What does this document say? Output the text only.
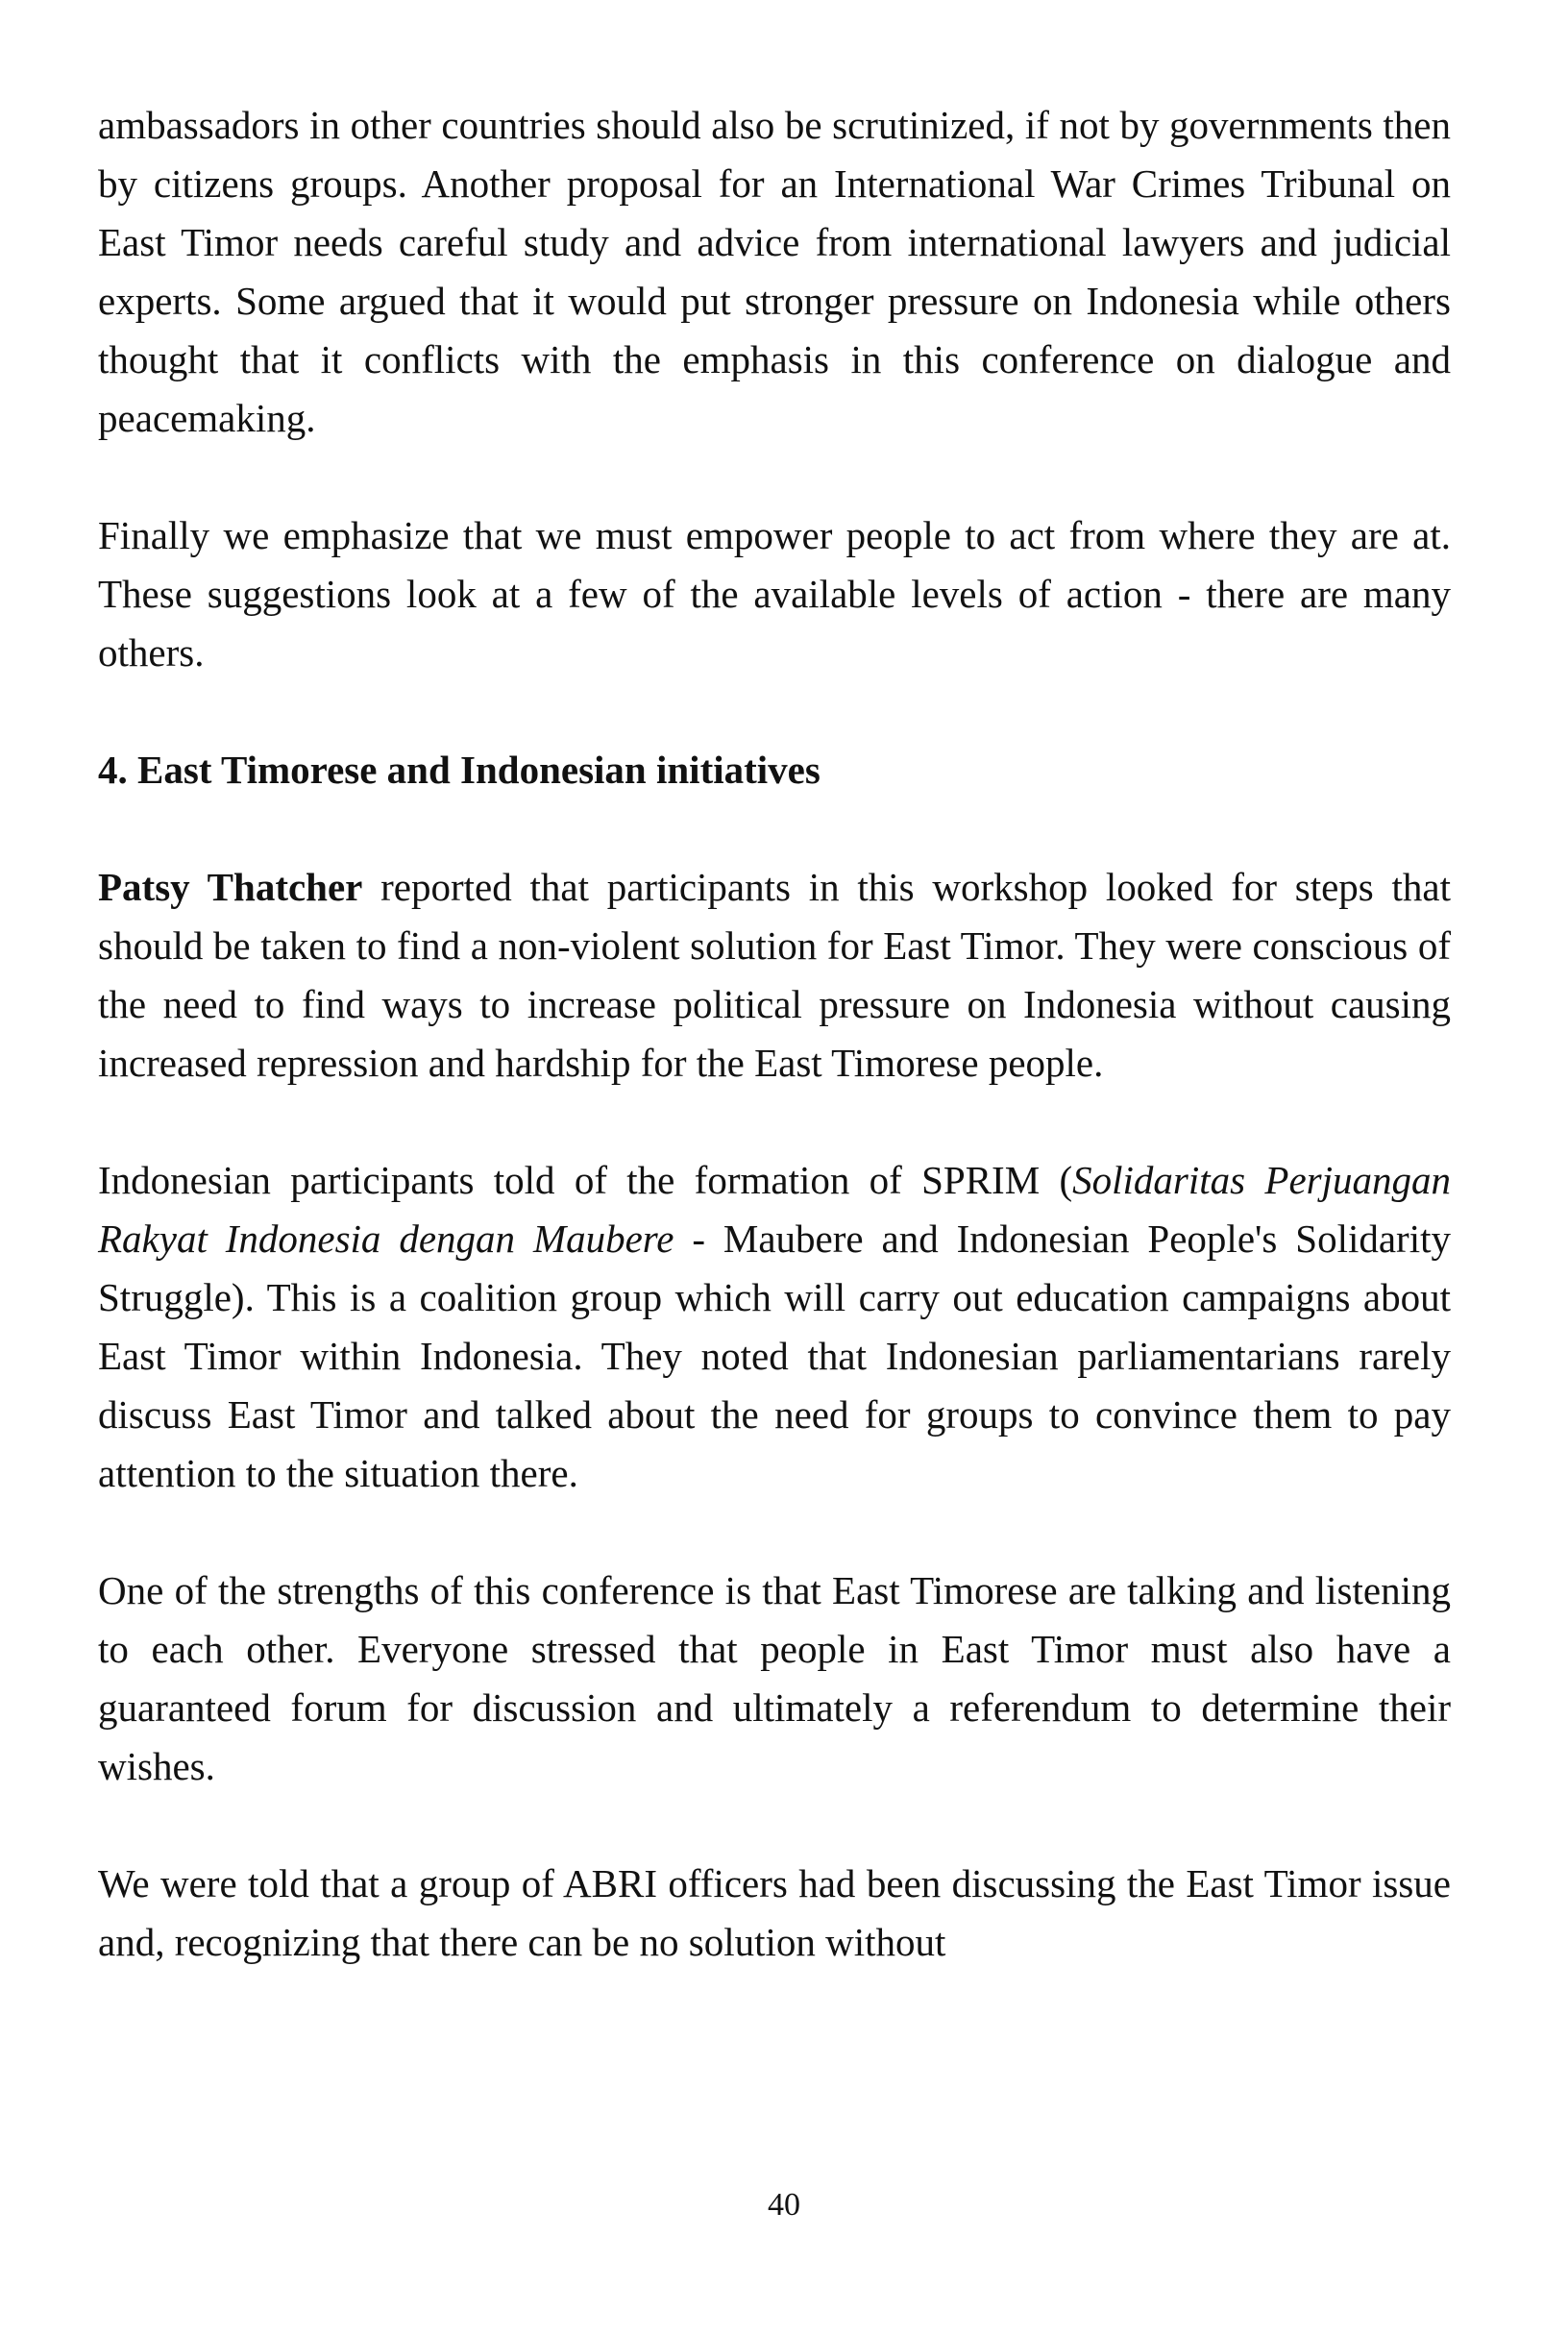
ambassadors in other countries should also be scrutinized, if not by governments then by citizens groups. Another proposal for an International War Crimes Tribunal on East Timor needs careful study and advice from international lawyers and judicial experts. Some argued that it would put stronger pressure on Indonesia while others thought that it conflicts with the emphasis in this conference on dialogue and peacemaking.

Finally we emphasize that we must empower people to act from where they are at. These suggestions look at a few of the available levels of action - there are many others.

4. East Timorese and Indonesian initiatives

Patsy Thatcher reported that participants in this workshop looked for steps that should be taken to find a non-violent solution for East Timor. They were conscious of the need to find ways to increase political pressure on Indonesia without causing increased repression and hardship for the East Timorese people.

Indonesian participants told of the formation of SPRIM (Solidaritas Perjuangan Rakyat Indonesia dengan Maubere - Maubere and Indonesian People's Solidarity Struggle). This is a coalition group which will carry out education campaigns about East Timor within Indonesia. They noted that Indonesian parliamentarians rarely discuss East Timor and talked about the need for groups to convince them to pay attention to the situation there.

One of the strengths of this conference is that East Timorese are talking and listening to each other. Everyone stressed that people in East Timor must also have a guaranteed forum for discussion and ultimately a referendum to determine their wishes.

We were told that a group of ABRI officers had been discussing the East Timor issue and, recognizing that there can be no solution without

40
